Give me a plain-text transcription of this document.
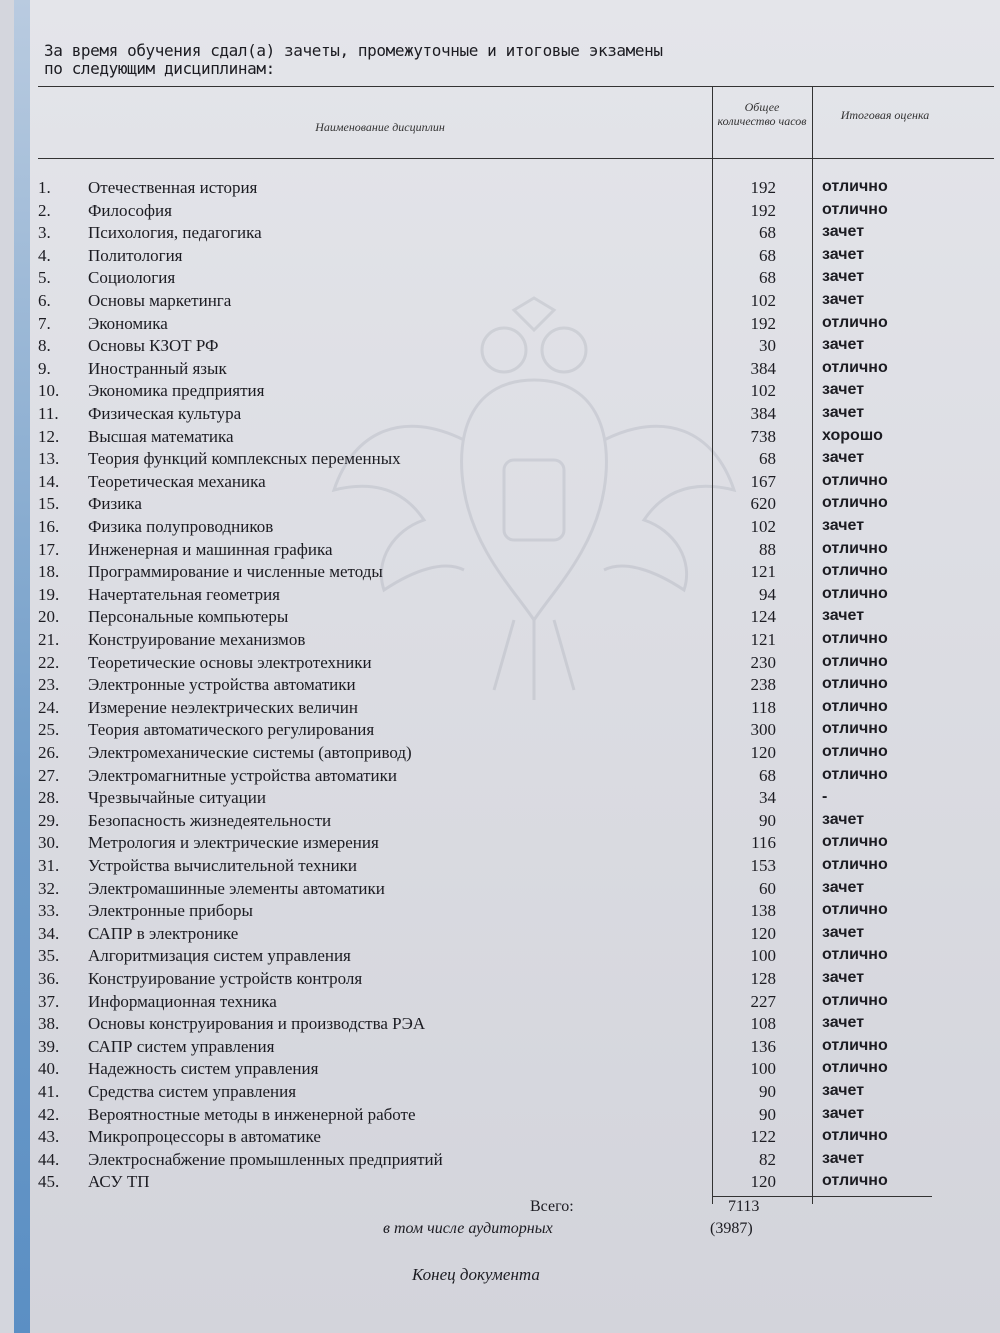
За время обучения сдал(а) зачеты, промежуточные и итоговые экзамены
по следующим дисциплинам:
Наименование дисциплин
Общее количество часов	Итоговая оценка
1. Отечественная история	192	отлично
2. Философия	192	отлично
3. Психология, педагогика	68	зачет
4. Политология	68	зачет
5. Социология	68	зачет
6. Основы маркетинга	102	зачет
7. Экономика	192	отлично
8. Основы КЗОТ РФ	30	зачет
9. Иностранный язык	384	отлично
10. Экономика предприятия	102	зачет
11. Физическая культура	384	зачет
12. Высшая математика	738	хорошо
13. Теория функций комплексных переменных	68	зачет
14. Теоретическая механика	167	отлично
15. Физика	620	отлично
16. Физика полупроводников	102	зачет
17. Инженерная и машинная графика	88	отлично
18. Программирование и численные методы	121	отлично
19. Начертательная геометрия	94	отлично
20. Персональные компьютеры	124	зачет
21. Конструирование механизмов	121	отлично
22. Теоретические основы электротехники	230	отлично
23. Электронные устройства автоматики	238	отлично
24. Измерение неэлектрических величин	118	отлично
25. Теория автоматического регулирования	300	отлично
26. Электромеханические системы (автопривод)	120	отлично
27. Электромагнитные устройства автоматики	68	отлично
28. Чрезвычайные ситуации	34	-
29. Безопасность жизнедеятельности	90	зачет
30. Метрология и электрические измерения	116	отлично
31. Устройства вычислительной техники	153	отлично
32. Электромашинные элементы автоматики	60	зачет
33. Электронные приборы	138	отлично
34. САПР в электронике	120	зачет
35. Алгоритмизация систем управления	100	отлично
36. Конструирование устройств контроля	128	зачет
37. Информационная техника	227	отлично
38. Основы конструирования и производства РЭА	108	зачет
39. САПР систем управления	136	отлично
40. Надежность систем управления	100	отлично
41. Средства систем управления	90	зачет
42. Вероятностные методы в инженерной работе	90	зачет
43. Микропроцессоры в автоматике	122	отлично
44. Электроснабжение промышленных предприятий	82	зачет
45. АСУ ТП	120	отлично
Всего:	7113
в том числе аудиторных	(3987)
Конец документа
